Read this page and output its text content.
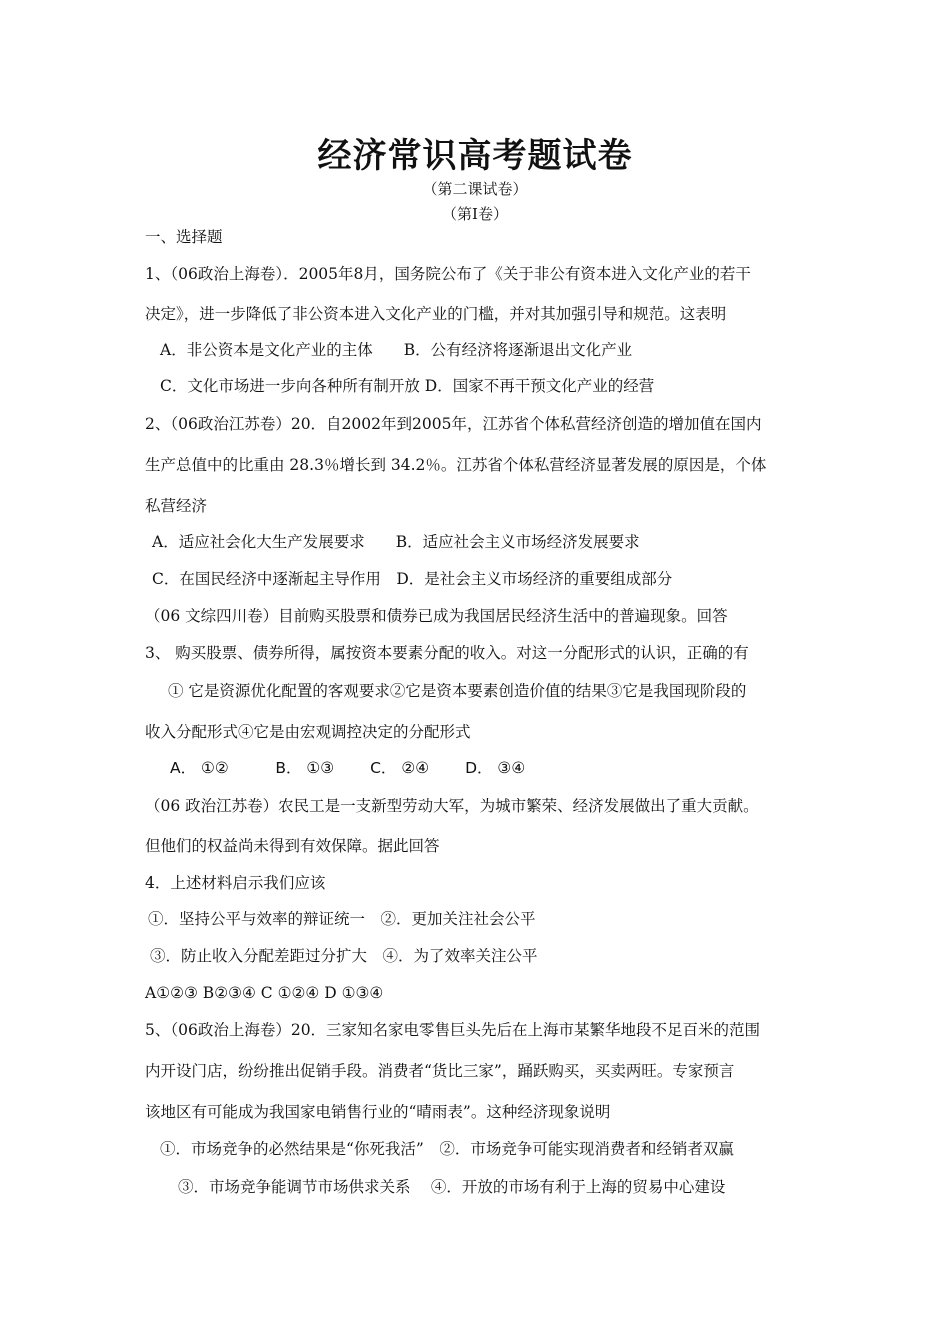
经济常识高考题试卷
（第二课试卷）
（第Ⅰ卷）
一、选择题
1、（06政治上海卷）．2005年8月，国务院公布了《关于非公有资本进入文化产业的若干
决定》，进一步降低了非公资本进入文化产业的门槛，并对其加强引导和规范。这表明
A．非公资本是文化产业的主体　　B．公有经济将逐渐退出文化产业
C．文化市场进一步向各种所有制开放 D．国家不再干预文化产业的经营
2、（06政治江苏卷）20．自2002年到2005年，江苏省个体私营经济创造的增加值在国内
生产总值中的比重由 28.3％增长到 34.2％。江苏省个体私营经济显著发展的原因是，个体
私营经济
A．适应社会化大生产发展要求　　B．适应社会主义市场经济发展要求
C．在国民经济中逐渐起主导作用　D．是社会主义市场经济的重要组成部分
（06 文综四川卷）目前购买股票和债券已成为我国居民经济生活中的普遍现象。回答
3、 购买股票、债券所得，属按资本要素分配的收入。对这一分配形式的认识，正确的有
① 它是资源优化配置的客观要求②它是资本要素创造价值的结果③它是我国现阶段的
收入分配形式④它是由宏观调控决定的分配形式
A． ①②　　　B． ①③　　 C． ②④　　 D． ③④
（06 政治江苏卷）农民工是一支新型劳动大军，为城市繁荣、经济发展做出了重大贡献。
但他们的权益尚未得到有效保障。据此回答
4．上述材料启示我们应该
①．坚持公平与效率的辩证统一　②．更加关注社会公平
③．防止收入分配差距过分扩大　④．为了效率关注公平
A①②③ B②③④ C ①②④ D ①③④
5、（06政治上海卷）20．三家知名家电零售巨头先后在上海市某繁华地段不足百米的范围
内开设门店，纷纷推出促销手段。消费者“货比三家”，踊跃购买，买卖两旺。专家预言
该地区有可能成为我国家电销售行业的“晴雨表”。这种经济现象说明
①．市场竞争的必然结果是“你死我活”　②．市场竞争可能实现消费者和经销者双赢
③．市场竞争能调节市场供求关系　 ④．开放的市场有利于上海的贸易中心建设
